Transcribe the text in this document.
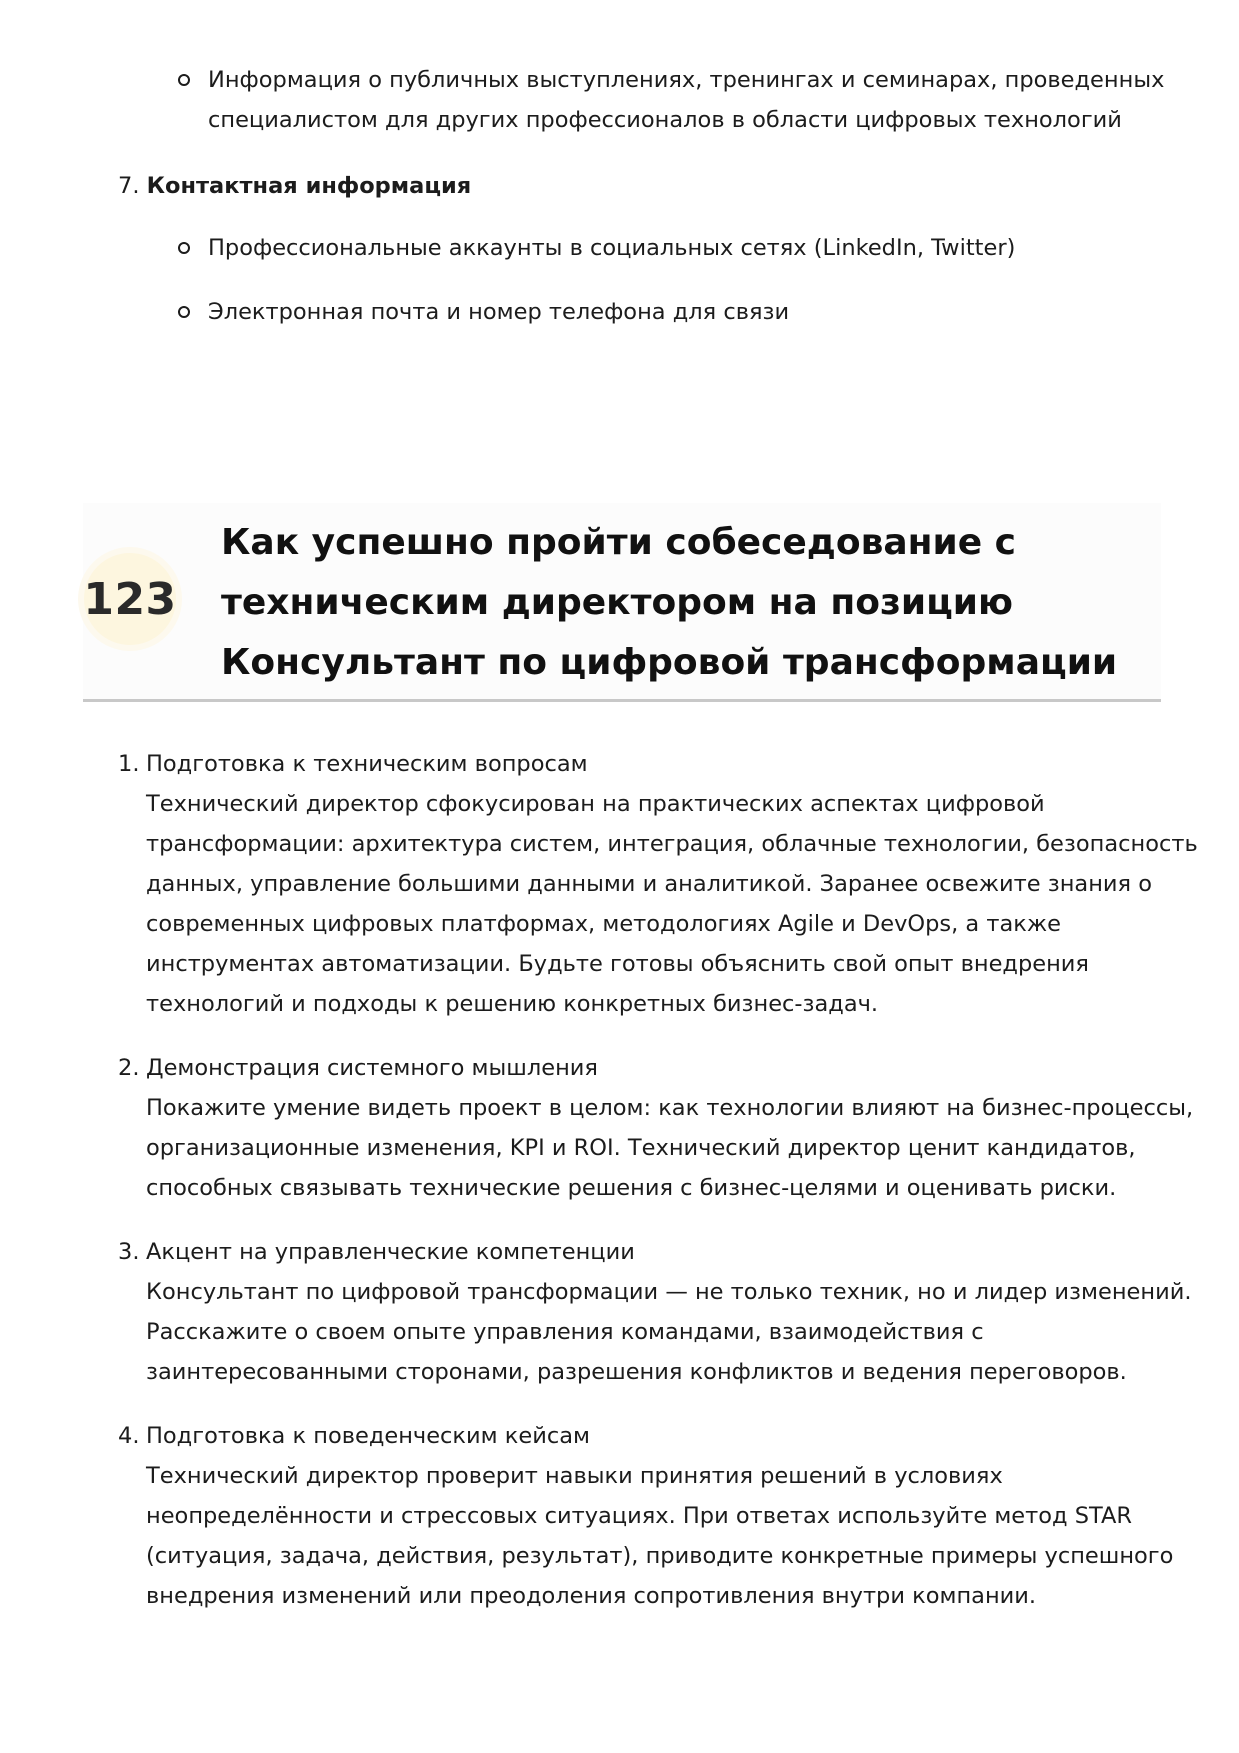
Информация о публичных выступлениях, тренингах и семинарах, проведенных
специалистом для других профессионалов в области цифровых технологий
7. Контактная информация
Профессиональные аккаунты в социальных сетях (LinkedIn, Twitter)
Электронная почта и номер телефона для связи
123
Как успешно пройти собеседование с
техническим директором на позицию
Консультант по цифровой трансформации
1. Подготовка к техническим вопросам
Технический директор сфокусирован на практических аспектах цифровой
трансформации: архитектура систем, интеграция, облачные технологии, безопасность
данных, управление большими данными и аналитикой. Заранее освежите знания о
современных цифровых платформах, методологиях Agile и DevOps, а также
инструментах автоматизации. Будьте готовы объяснить свой опыт внедрения
технологий и подходы к решению конкретных бизнес-задач.
2. Демонстрация системного мышления
Покажите умение видеть проект в целом: как технологии влияют на бизнес-процессы,
организационные изменения, KPI и ROI. Технический директор ценит кандидатов,
способных связывать технические решения с бизнес-целями и оценивать риски.
3. Акцент на управленческие компетенции
Консультант по цифровой трансформации — не только техник, но и лидер изменений.
Расскажите о своем опыте управления командами, взаимодействия с
заинтересованными сторонами, разрешения конфликтов и ведения переговоров.
4. Подготовка к поведенческим кейсам
Технический директор проверит навыки принятия решений в условиях
неопределённости и стрессовых ситуациях. При ответах используйте метод STAR
(ситуация, задача, действия, результат), приводите конкретные примеры успешного
внедрения изменений или преодоления сопротивления внутри компании.
